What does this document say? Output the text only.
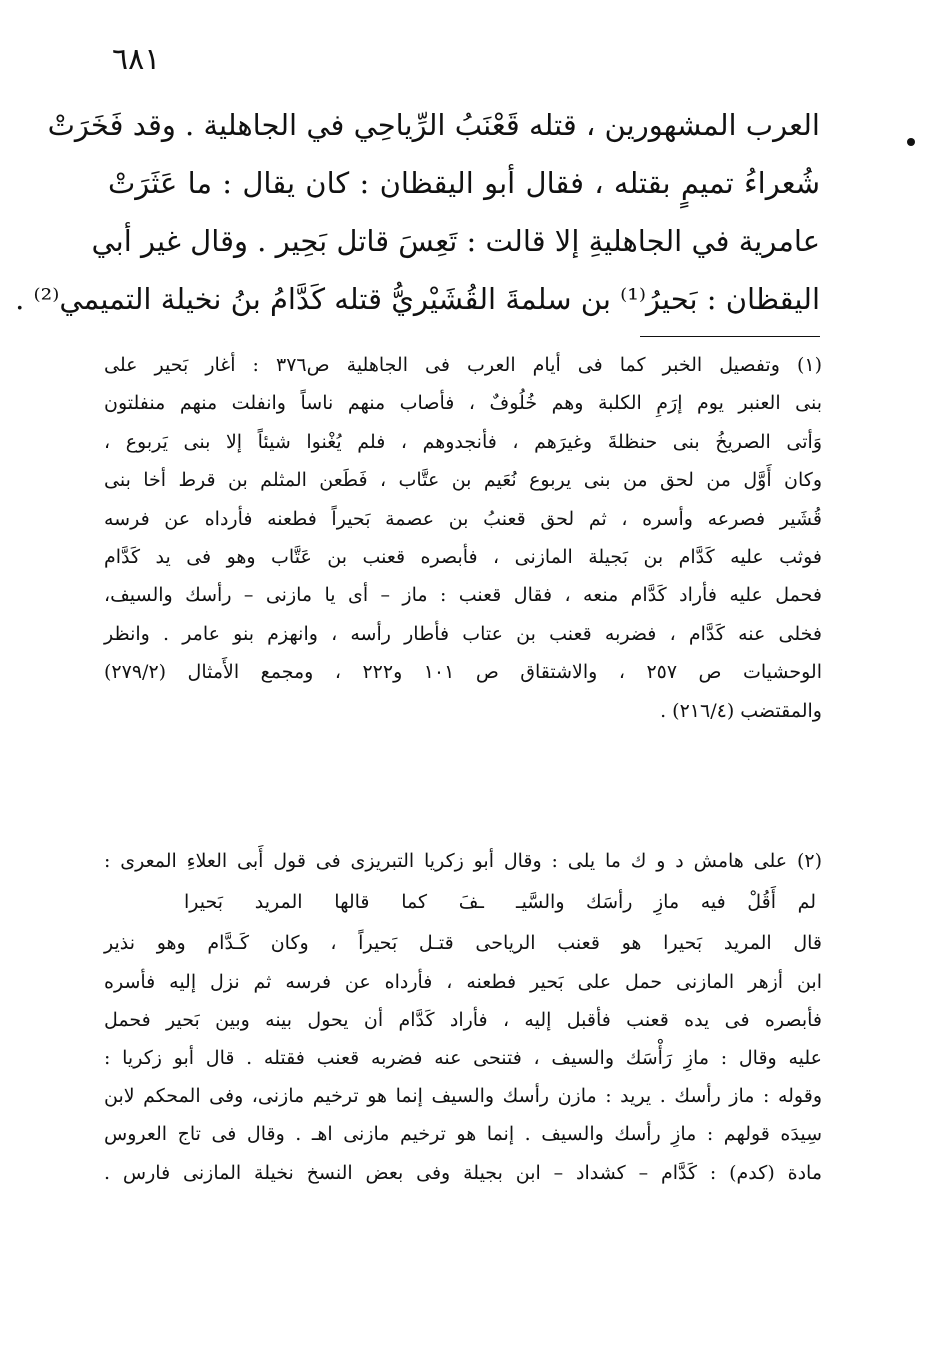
٦٨١
العرب المشهورين ، قتله قَعْنَبُ الرِّياحِي في الجاهلية . وقد فَخَرَتْ
شُعراءُ تميمٍ بقتله ، فقال أبو اليقظان : كان يقال : ما عَثَرَتْ
عامرية في الجاهليةِ إلا قالت : تَعِسَ قاتل بَحِير . وقال غير أبي
اليقظان : بَحيرُ⁽¹⁾ بن سلمةَ القُشَيْريُّ قتله كَدَّامُ بنُ نخيلة التميمي⁽²⁾ .
(١) وتفصيل الخبر كما فى أيام العرب فى الجاهلية ص٣٧٦ : أغار بَحير على
بنى العنبر يوم إرَمِ الكلبة وهم خُلُوفٌ ، فأصاب منهم ناساً وانفلت منهم منفلتون
وَأتى الصريخُ بنى حنظلةَ وغيرَهم ، فأنجدوهم ، فلم يُغْنوا شيئاً إلا بنى يَربوع ،
وكان أَوَّل من لحق من بنى يربوع نُعَيم بن عتَّاب ، فَطَعن المثلم بن قرط أخا بنى
قُشَير فصرعه وأسره ، ثم لحق قعنبُ بن عصمة بَحيراً فطعنه فأرداه عن فرسه
فوثب عليه كَدَّام بن بَجيلة المازنى ، فأبصره قعنب بن عَتَّاب وهو فى يد كَدَّام
فحمل عليه فأراد كَدَّام منعه ، فقال قعنب : ماز – أى يا مازنى – رأسك والسيف،
فخلى عنه كَدَّام ، فضربه قعنب بن عتاب فأطار رأسه ، وانهزم بنو عامر . وانظر
الوحشيات ص ٢٥٧ ، والاشتقاق ص ١٠١ و٢٢٢ ، ومجمع الأَمثال (٢٧٩/٢)
والمقتضب (٢١٦/٤) .
(٢) على هامش د و ك ما يلى : وقال أبو زكريا التبريزى فى قول أَبى العلاءِ المعرى :
لم أَقُلْ فيه مازِ رأسَك والسَّيـ
ـفَ كما قالها المريد بَحيرا
قال المريد بَحيرا هو قعنب الرياحى قتـل بَحيراً ، وكان كَـدَّام وهو نذير
ابن أزهر المازنى حمل على بَحير فطعنه ، فأرداه عن فرسه ثم نزل إليه فأسره
فأبصره فى يده قعنب فأقبل إليه ، فأراد كَدَّام أن يحول بينه وبين بَحير فحمل
عليه وقال : مازِ رَأْسَك والسيف ، فتنحى عنه فضربه قعنب فقتله . قال أبو زكريا :
وقوله : ماز رأسك . يريد : مازن رأسك والسيف إنما هو ترخيم مازنى، وفى المحكم لابن
سِيدَه قولهم : مازِ رأسك والسيف . إنما هو ترخيم مازنى اهـ . وقال فى تاج العروس
مادة (كدم) : كَدَّام – كشداد – ابن بجيلة وفى بعض النسخ نخيلة المازنى فارس .
